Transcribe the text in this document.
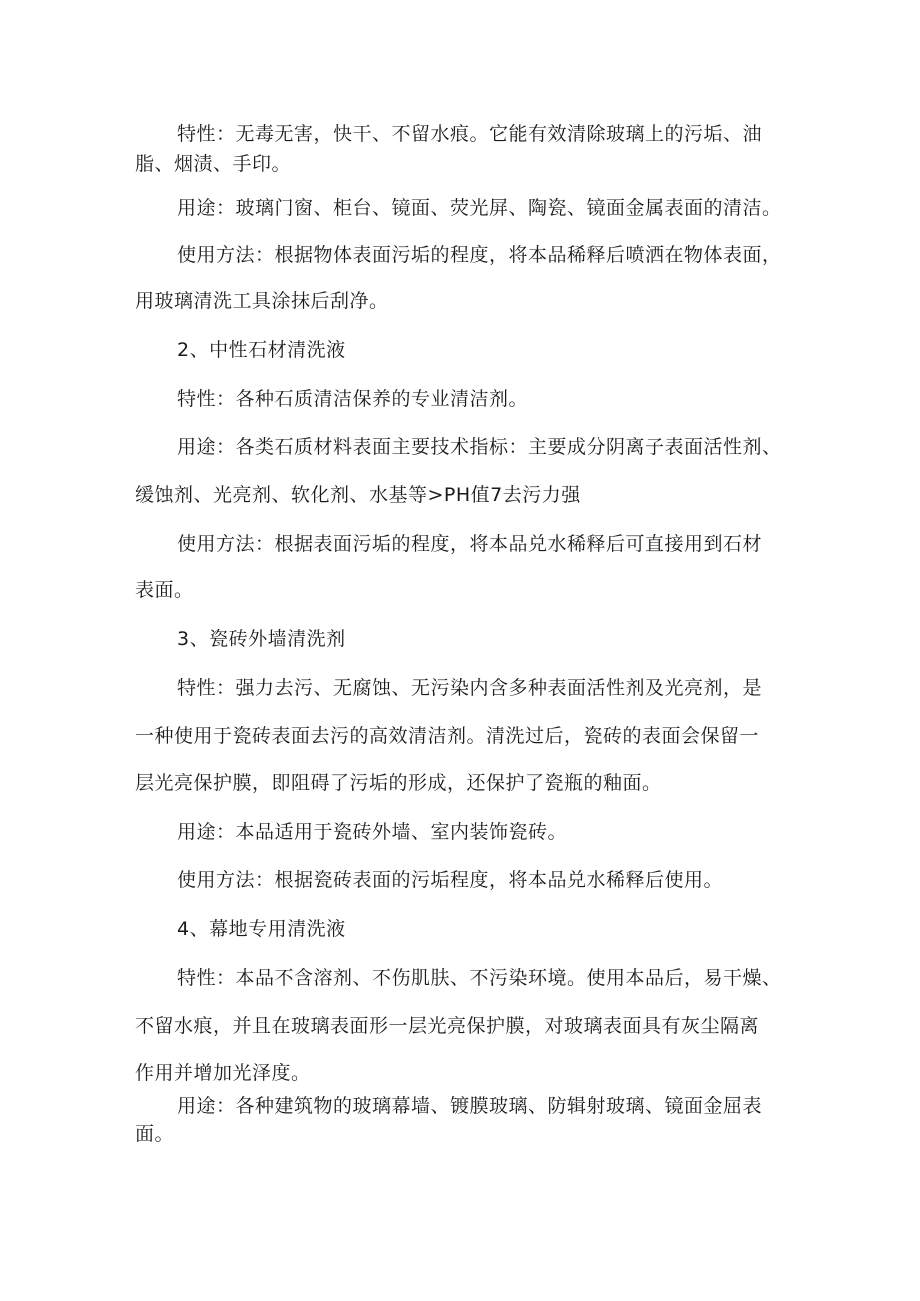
特性：无毒无害，快干、不留水痕。它能有效清除玻璃上的污垢、油
脂、烟渍、手印。
用途：玻璃门窗、柜台、镜面、荧光屏、陶瓷、镜面金属表面的清洁。
使用方法：根据物体表面污垢的程度，将本品稀释后喷洒在物体表面，
用玻璃清洗工具涂抹后刮净。
2、中性石材清洗液
特性：各种石质清洁保养的专业清洁剂。
用途：各类石质材料表面主要技术指标：主要成分阴离子表面活性剂、
缓蚀剂、光亮剂、软化剂、水基等>PH值7去污力强
使用方法：根据表面污垢的程度，将本品兑水稀释后可直接用到石材
表面。
3、瓷砖外墙清洗剂
特性：强力去污、无腐蚀、无污染内含多种表面活性剂及光亮剂，是
一种使用于瓷砖表面去污的高效清洁剂。清洗过后，瓷砖的表面会保留一
层光亮保护膜，即阻碍了污垢的形成，还保护了瓷瓶的釉面。
用途：本品适用于瓷砖外墙、室内装饰瓷砖。
使用方法：根据瓷砖表面的污垢程度，将本品兑水稀释后使用。
4、幕地专用清洗液
特性：本品不含溶剂、不伤肌肤、不污染环境。使用本品后，易干燥、
不留水痕，并且在玻璃表面形一层光亮保护膜，对玻璃表面具有灰尘隔离
作用并增加光泽度。
用途：各种建筑物的玻璃幕墙、镀膜玻璃、防辑射玻璃、镜面金屈表
面。
